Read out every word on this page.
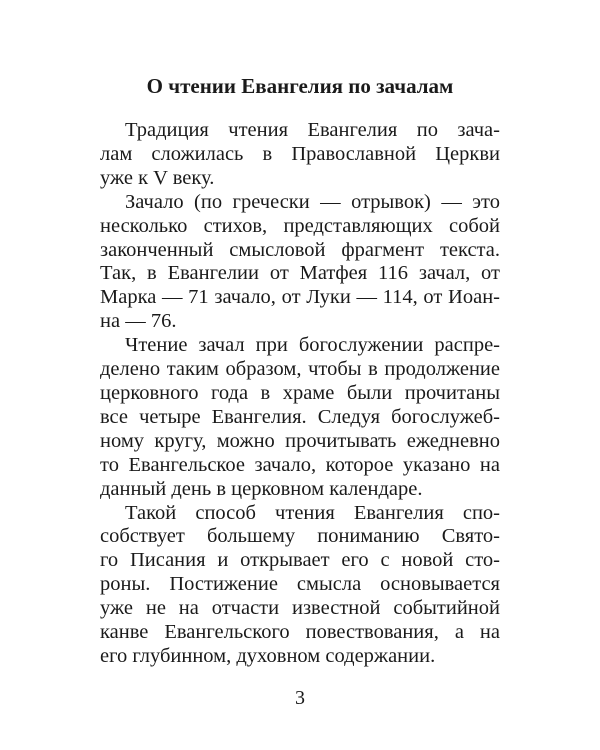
О чтении Евангелия по зачалам

Традиция чтения Евангелия по зача-
лам сложилась в Православной Церкви
уже к V веку.

Зачало (по гречески — отрывок) — это
несколько стихов, представляющих собой
законченный смысловой фрагмент текста.
Так, в Евангелии от Матфея 116 зачал, от
Марка — 71 зачало, от Луки — 114, от Иоан-
на — 76.

Чтение зачал при богослужении распре-
делено таким образом, чтобы в продолжение
церковного года в храме были прочитаны
все четыре Евангелия. Следуя богослужеб-
ному кругу, можно прочитывать ежедневно
то Евангельское зачало, которое указано на
данный день в церковном календаре.

Такой способ чтения Евангелия спо-
собствует большему пониманию Свято-
го Писания и открывает его с новой сто-
роны. Постижение смысла основывается
уже не на отчасти известной событийной
канве Евангельского повествования, а на
его глубинном, духовном содержании.

3
